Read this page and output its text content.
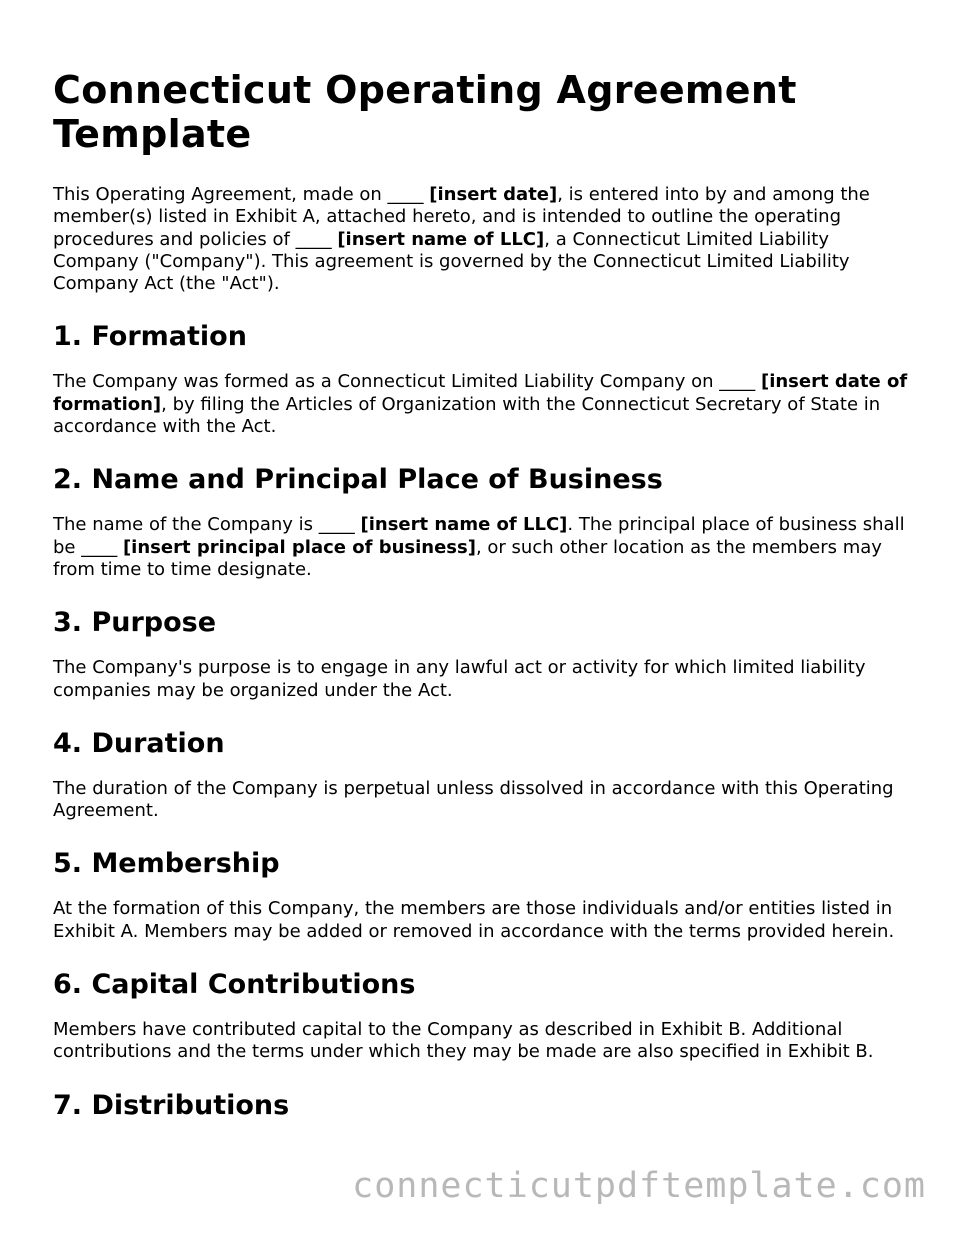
Connecticut Operating Agreement Template

This Operating Agreement, made on ____ [insert date], is entered into by and among the member(s) listed in Exhibit A, attached hereto, and is intended to outline the operating procedures and policies of ____ [insert name of LLC], a Connecticut Limited Liability Company ("Company"). This agreement is governed by the Connecticut Limited Liability Company Act (the "Act").

1. Formation

The Company was formed as a Connecticut Limited Liability Company on ____ [insert date of formation], by filing the Articles of Organization with the Connecticut Secretary of State in accordance with the Act.

2. Name and Principal Place of Business

The name of the Company is ____ [insert name of LLC]. The principal place of business shall be ____ [insert principal place of business], or such other location as the members may from time to time designate.

3. Purpose

The Company's purpose is to engage in any lawful act or activity for which limited liability companies may be organized under the Act.

4. Duration

The duration of the Company is perpetual unless dissolved in accordance with this Operating Agreement.

5. Membership

At the formation of this Company, the members are those individuals and/or entities listed in Exhibit A. Members may be added or removed in accordance with the terms provided herein.

6. Capital Contributions

Members have contributed capital to the Company as described in Exhibit B. Additional contributions and the terms under which they may be made are also specified in Exhibit B.

7. Distributions
connecticutpdftemplate.com
